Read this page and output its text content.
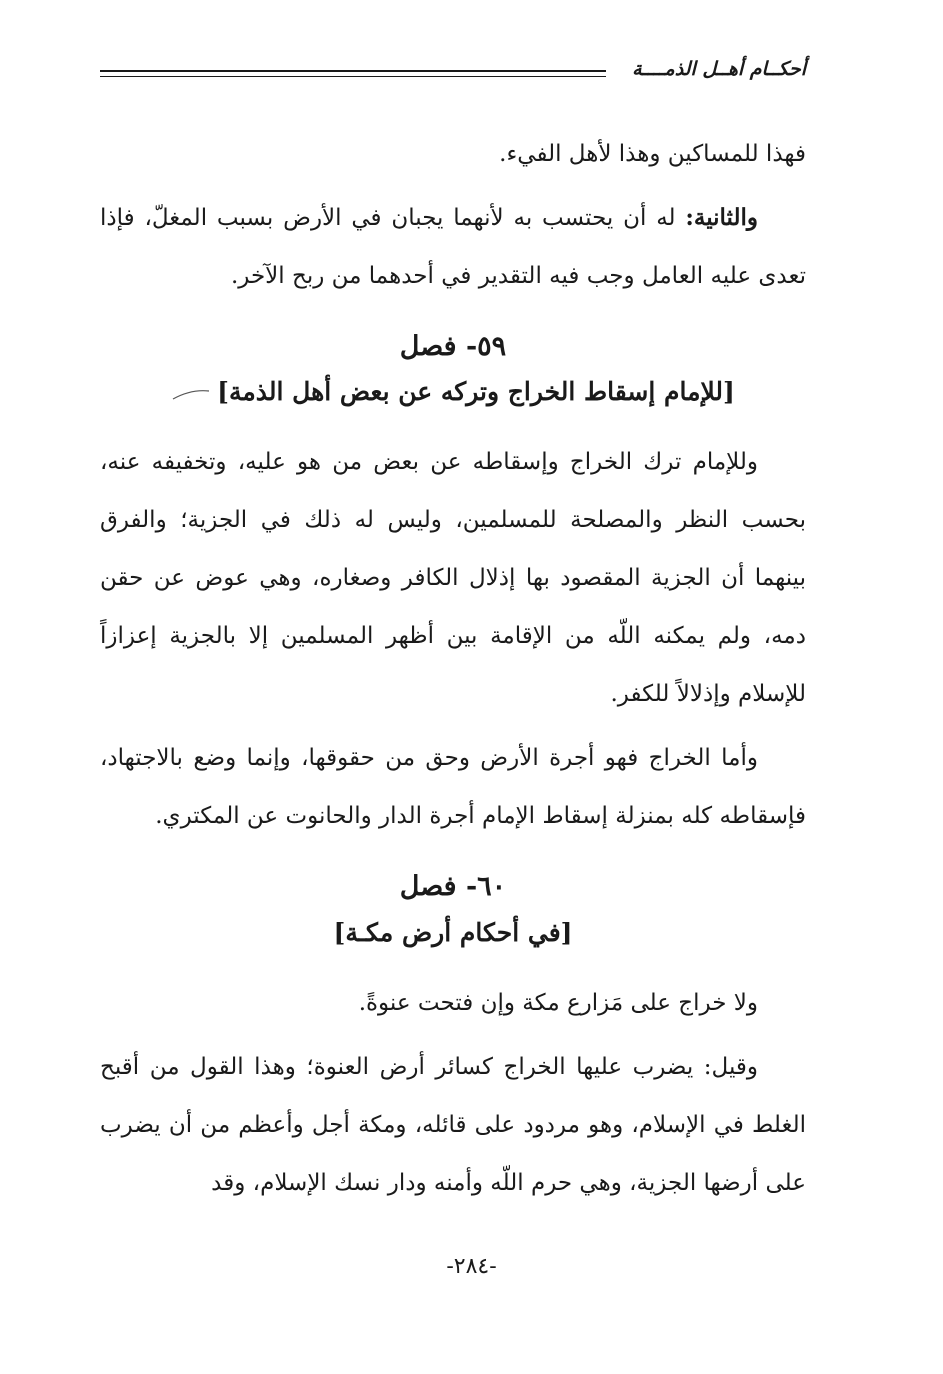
أحكــام أهــل الذمــــة

فهذا للمساكين وهذا لأهل الفيء.

والثانية: له أن يحتسب به لأنهما يجبان في الأرض بسبب المغلّ، فإذا تعدى عليه العامل وجب فيه التقدير في أحدهما من ربح الآخر.

٥٩- فصل
[للإمام إسقاط الخراج وتركه عن بعض أهل الذمة]

وللإمام ترك الخراج وإسقاطه عن بعض من هو عليه، وتخفيفه عنه، بحسب النظر والمصلحة للمسلمين، وليس له ذلك في الجزية؛ والفرق بينهما أن الجزية المقصود بها إذلال الكافر وصغاره، وهي عوض عن حقن دمه، ولم يمكنه اللّه من الإقامة بين أظهر المسلمين إلا بالجزية إعزازاً للإسلام وإذلالاً للكفر.

وأما الخراج فهو أجرة الأرض وحق من حقوقها، وإنما وضع بالاجتهاد، فإسقاطه كله بمنزلة إسقاط الإمام أجرة الدار والحانوت عن المكتري.

٦٠- فصل
[في أحكام أرض مكـة]

ولا خراج على مَزارع مكة وإن فتحت عنوةً.

وقيل: يضرب عليها الخراج كسائر أرض العنوة؛ وهذا القول من أقبح الغلط في الإسلام، وهو مردود على قائله، ومكة أجل وأعظم من أن يضرب على أرضها الجزية، وهي حرم اللّه وأمنه ودار نسك الإسلام، وقد

-٢٨٤-
